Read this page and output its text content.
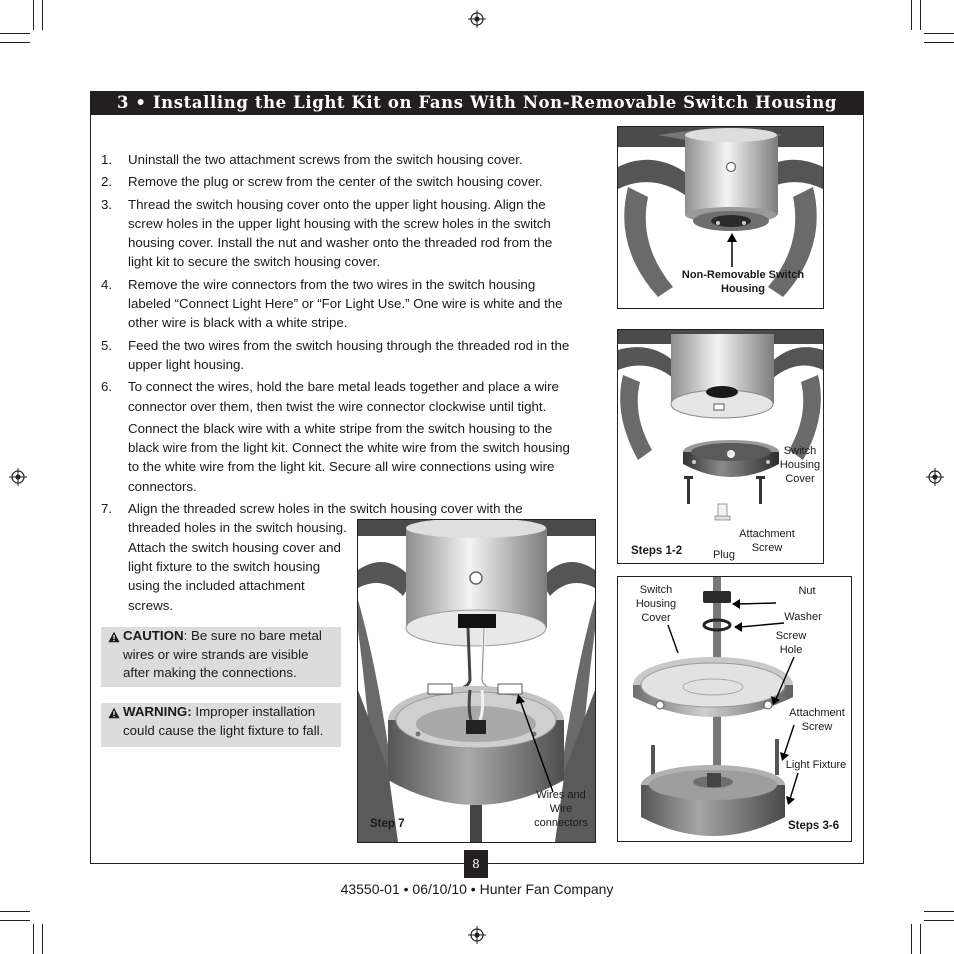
3 • Installing the Light Kit on Fans With Non-Removable Switch Housing
1. Uninstall the two attachment screws from the switch housing cover.

2. Remove the plug or screw from the center of the switch housing cover.

3. Thread the switch housing cover onto the upper light housing. Align the screw holes in the upper light housing with the screw holes in the switch housing cover. Install the nut and washer onto the threaded rod from the light kit to secure the switch housing cover.

4. Remove the wire connectors from the two wires in the switch housing labeled “Connect Light Here” or “For Light Use.” One wire is white and the other wire is black with a white stripe.

5. Feed the two wires from the switch housing through the threaded rod in the upper light housing.

6. To connect the wires, hold the bare metal leads together and place a wire connector over them, then twist the wire connector clockwise until tight.

Connect the black wire with a white stripe from the switch housing to the black wire from the light kit. Connect the white wire from the switch housing to the white wire from the light kit. Secure all wire connections using wire connectors.

7. Align the threaded screw holes in the switch housing cover with the

threaded holes in the switch housing. Attach the switch housing cover and light fixture to the switch housing using the included attachment screws.

CAUTION: Be sure no bare metal wires or wire strands are visible after making the connections.
WARNING: Improper installation could cause the light fixture to fall.
Non-Removable Switch Housing
Switch Housing Cover
Attachment Screw
Plug
Steps 1-2
Switch Housing Cover
Nut
Washer
Screw Hole
Attachment Screw
Light Fixture
Steps 3-6
Wires and Wire connectors
Step 7
8
43550-01 • 06/10/10 • Hunter Fan Company
